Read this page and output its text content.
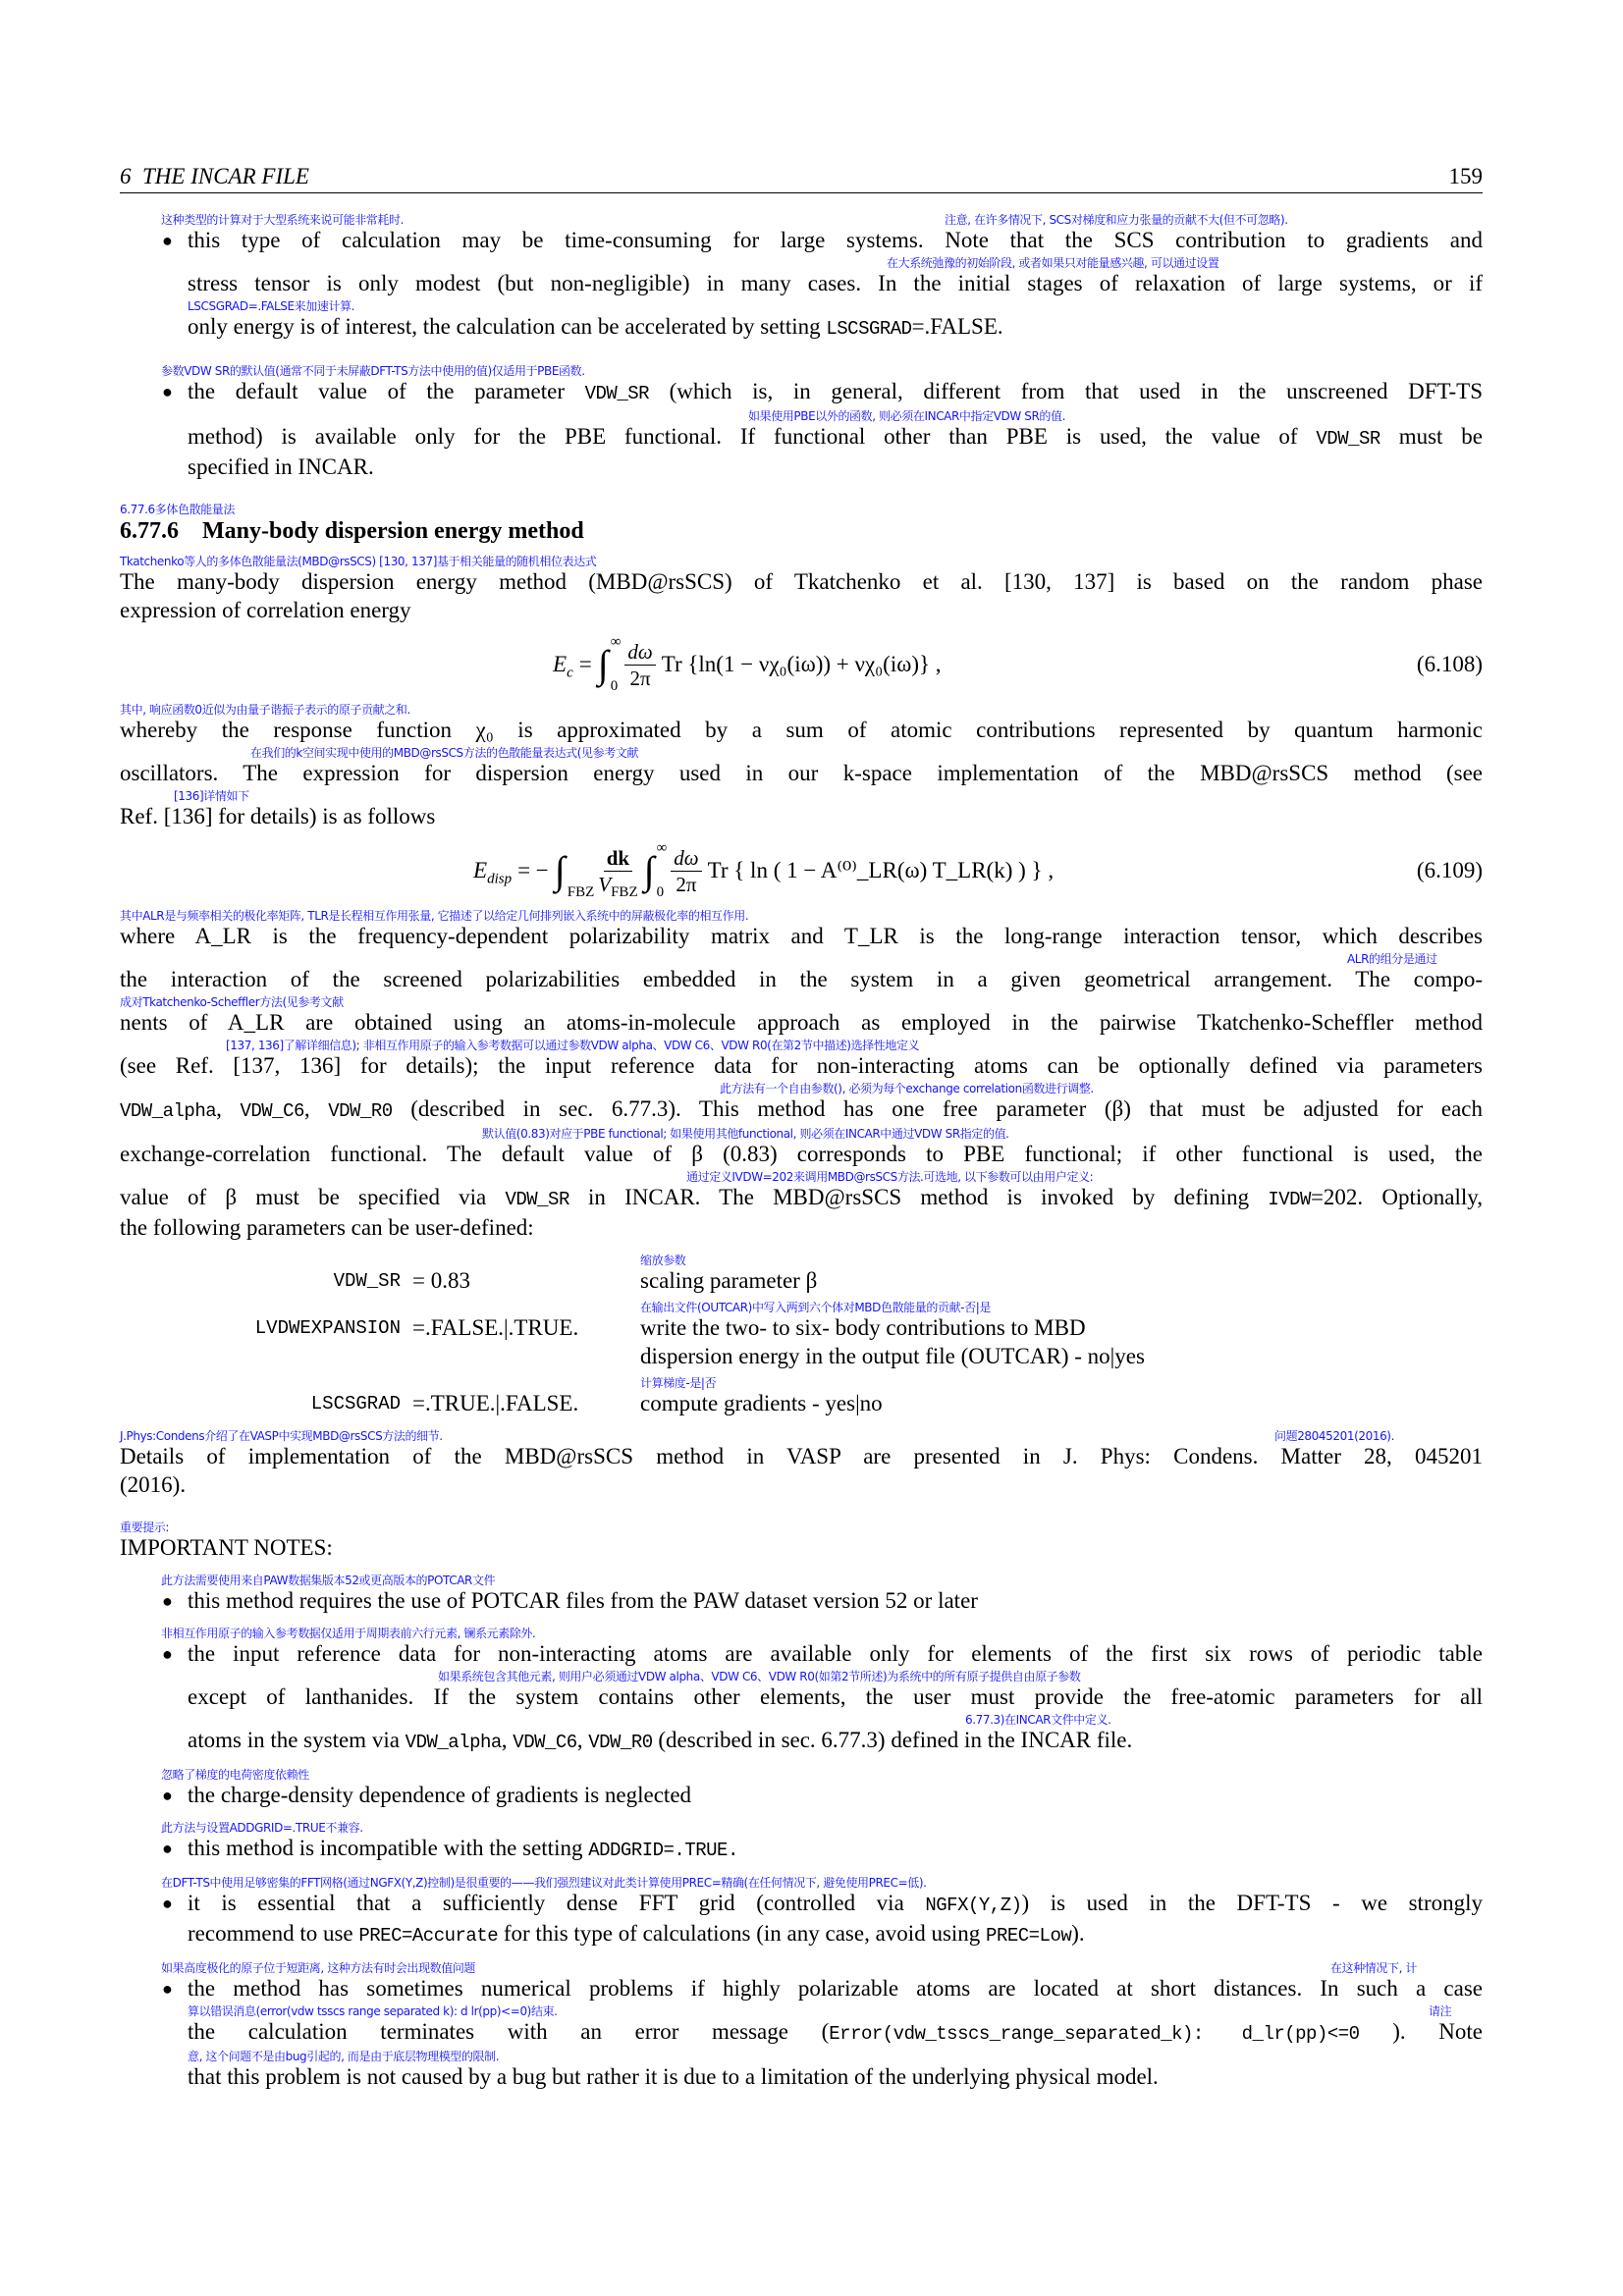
6 THE INCAR FILE	159
这种类型的计算对于大型系统来说可能非常耗时.	注意, 在许多情况下, SCS对梯度和应力张量的贡献不大(但不可忽略).
● this type of calculation may be time-consuming for large systems. Note that the SCS contribution to gradients and
在大系统弛豫的初始阶段, 或者如果只对能量感兴趣, 可以通过设置
stress tensor is only modest (but non-negligible) in many cases. In the initial stages of relaxation of large systems, or if
LSCSGRAD=.FALSE来加速计算.
only energy is of interest, the calculation can be accelerated by setting LSCSGRAD=.FALSE.
参数VDW SR的默认值(通常不同于未屏蔽DFT-TS方法中使用的值)仅适用于PBE函数.
● the default value of the parameter VDW_SR (which is, in general, different from that used in the unscreened DFT-TS
如果使用PBE以外的函数, 则必须在INCAR中指定VDW SR的值.
method) is available only for the PBE functional. If functional other than PBE is used, the value of VDW_SR must be
specified in INCAR.
6.77.6多体色散能量法
6.77.6 Many-body dispersion energy method
Tkatchenko等人的多体色散能量法(MBD@rsSCS) [130, 137]基于相关能量的随机相位表达式
The many-body dispersion energy method (MBD@rsSCS) of Tkatchenko et al. [130, 137] is based on the random phase
expression of correlation energy
$E_c$ = ∫ ∞
$0 \frac{d\omega}{2\pi}$ Tr {ln(1 − νχ₀(iω)) + νχ₀(iω)} ,	(6.108)
其中, 响应函数0近似为由量子谐振子表示的原子贡献之和.
whereby the response function χ₀ is approximated by a sum of atomic contributions represented by quantum harmonic
在我们的k空间实现中使用的MBD@rsSCS方法的色散能量表达式(见参考文献
oscillators. The expression for dispersion energy used in our k-space implementation of the MBD@rsSCS method (see
[136]详情如下
Ref. [136] for details) is as follows
$E_{disp}$ = − ∫
FBZ $\frac{dk}{V_{FBZ}}$ ∫ ∞
$0 \frac{d\omega}{2\pi}$ Tr { ln ( 1 − A⁽⁰⁾_LR(ω) T_LR(k) ) } ,	(6.109)
其中ALR是与频率相关的极化率矩阵, TLR是长程相互作用张量, 它描述了以给定几何排列嵌入系统中的屏蔽极化率的相互作用.
where A_LR is the frequency-dependent polarizability matrix and T_LR is the long-range interaction tensor, which describes
ALR的组分是通过
the interaction of the screened polarizabilities embedded in the system in a given geometrical arrangement. The compo-
成对Tkatchenko-Scheffler方法(见参考文献
nents of A_LR are obtained using an atoms-in-molecule approach as employed in the pairwise Tkatchenko-Scheffler method
[137, 136]了解详细信息); 非相互作用原子的输入参考数据可以通过参数VDW alpha、VDW C6、VDW R0(在第2节中描述)选择性地定义
(see Ref. [137, 136] for details); the input reference data for non-interacting atoms can be optionally defined via parameters
此方法有一个自由参数(), 必须为每个exchange correlation函数进行调整.
VDW_alpha, VDW_C6, VDW_R0 (described in sec. 6.77.3). This method has one free parameter (β) that must be adjusted for each
默认值(0.83)对应于PBE functional; 如果使用其他functional, 则必须在INCAR中通过VDW SR指定的值.
exchange-correlation functional. The default value of β (0.83) corresponds to PBE functional; if other functional is used, the
通过定义IVDW=202来调用MBD@rsSCS方法.可选地, 以下参数可以由用户定义:
value of β must be specified via VDW_SR in INCAR. The MBD@rsSCS method is invoked by defining IVDW=202. Optionally,
the following parameters can be user-defined:
VDW_SR = 0.83
缩放参数
scaling parameter β
LVDWEXPANSION =.FALSE.|.TRUE.
在输出文件(OUTCAR)中写入两到六个体对MBD色散能量的贡献-否|是
write the two- to six- body contributions to MBD
dispersion energy in the output file (OUTCAR) - no|yes
LSCSGRAD =.TRUE.|.FALSE.
计算梯度-是|否
compute gradients - yes|no
J.Phys:Condens介绍了在VASP中实现MBD@rsSCS方法的细节.	问题28045201(2016).
Details of implementation of the MBD@rsSCS method in VASP are presented in J. Phys: Condens. Matter 28, 045201
(2016).
重要提示:
IMPORTANT NOTES:
此方法需要使用来自PAW数据集版本52或更高版本的POTCAR文件
● this method requires the use of POTCAR files from the PAW dataset version 52 or later
非相互作用原子的输入参考数据仅适用于周期表前六行元素, 镧系元素除外.
● the input reference data for non-interacting atoms are available only for elements of the first six rows of periodic table
如果系统包含其他元素, 则用户必须通过VDW alpha、VDW C6、VDW R0(如第2节所述)为系统中的所有原子提供自由原子参数
except of lanthanides. If the system contains other elements, the user must provide the free-atomic parameters for all
6.77.3)在INCAR文件中定义.
atoms in the system via VDW_alpha, VDW_C6, VDW_R0 (described in sec. 6.77.3) defined in the INCAR file.
忽略了梯度的电荷密度依赖性
● the charge-density dependence of gradients is neglected
此方法与设置ADDGRID=.TRUE不兼容.
● this method is incompatible with the setting ADDGRID=.TRUE.
在DFT-TS中使用足够密集的FFT网格(通过NGFX(Y,Z)控制)是很重要的——我们强烈建议对此类计算使用PREC=精确(在任何情况下, 避免使用PREC=低).
● it is essential that a sufficiently dense FFT grid (controlled via NGFX(Y,Z)) is used in the DFT-TS - we strongly
recommend to use PREC=Accurate for this type of calculations (in any case, avoid using PREC=Low).
如果高度极化的原子位于短距离, 这种方法有时会出现数值问题	在这种情况下, 计
● the method has sometimes numerical problems if highly polarizable atoms are located at short distances. In such a case
算以错误消息(error(vdw tsscs range separated k): d lr(pp)<=0)结束.	请注
the calculation terminates with an error message (Error(vdw_tsscs_range_separated_k): d_lr(pp)<=0 ). Note
意, 这个问题不是由bug引起的, 而是由于底层物理模型的限制.
that this problem is not caused by a bug but rather it is due to a limitation of the underlying physical model.
